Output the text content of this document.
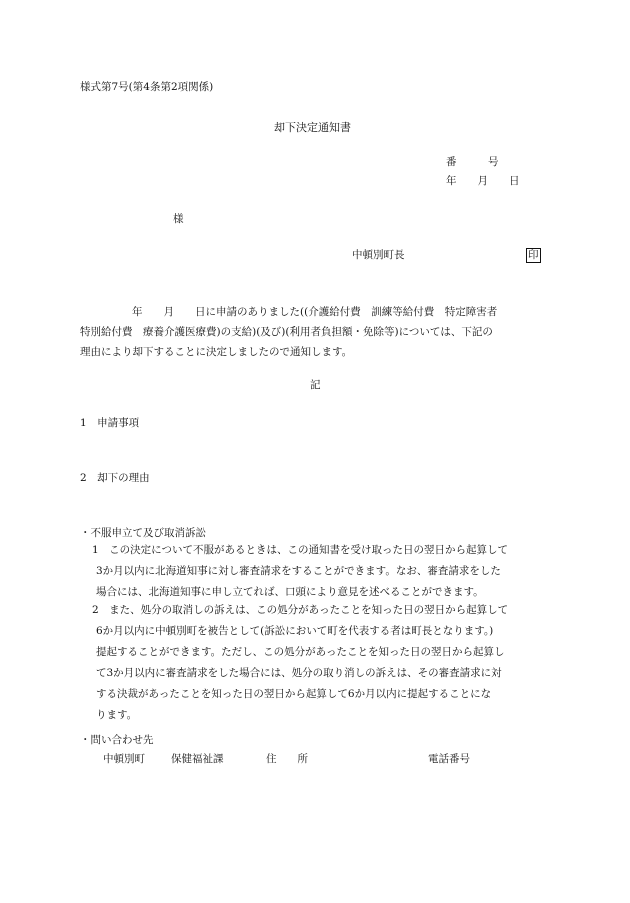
様式第7号(第4条第2項関係)
却下決定通知書
番　　　号
年　　月　　日
様
中頓別町長	印
年　　月　　日に申請のありました((介護給付費　訓練等給付費　特定障害者
特別給付費　療養介護医療費)の支給)(及び)(利用者負担額・免除等)については、下記の
理由により却下することに決定しましたので通知します。
記
1　申請事項
2　却下の理由
・不服申立て及び取消訴訟
1　この決定について不服があるときは、この通知書を受け取った日の翌日から起算して
3か月以内に北海道知事に対し審査請求をすることができます。なお、審査請求をした
場合には、北海道知事に申し立てれば、口頭により意見を述べることができます。
2　また、処分の取消しの訴えは、この処分があったことを知った日の翌日から起算して
6か月以内に中頓別町を被告として(訴訟において町を代表する者は町長となります。)
提起することができます。ただし、この処分があったことを知った日の翌日から起算し
て3か月以内に審査請求をした場合には、処分の取り消しの訴えは、その審査請求に対
する決裁があったことを知った日の翌日から起算して6か月以内に提起することにな
ります。
・問い合わせ先
中頓別町 保健福祉課	住　　所	電話番号
